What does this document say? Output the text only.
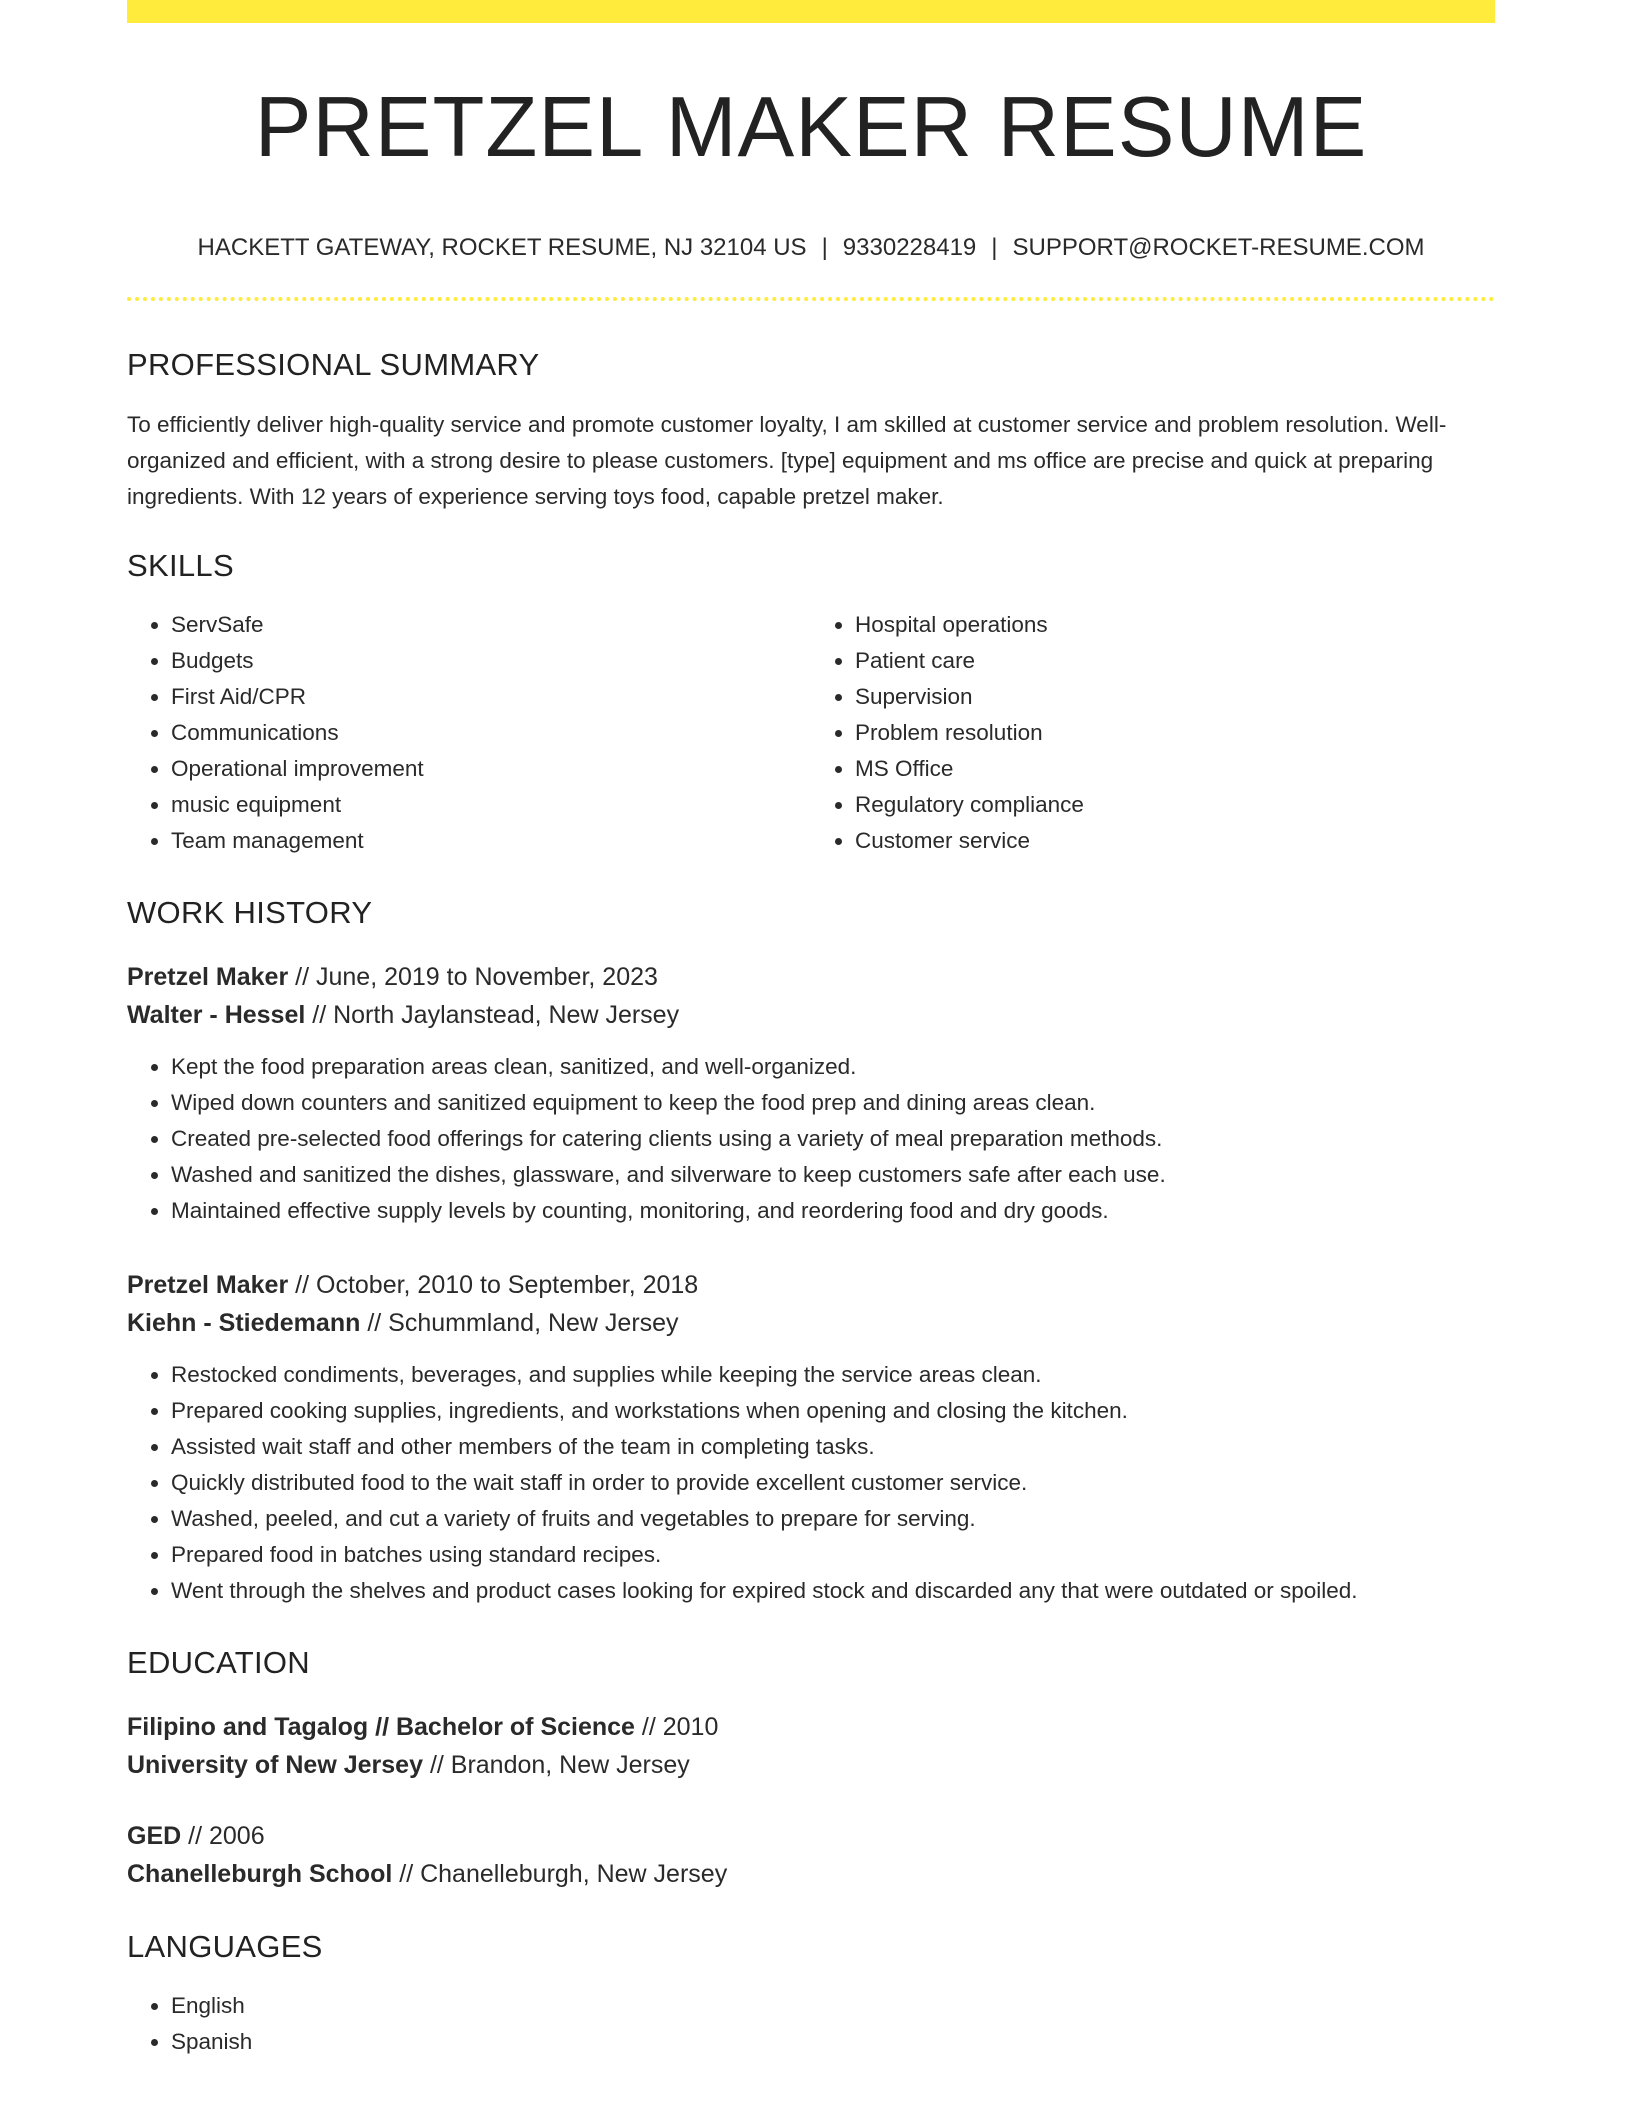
PRETZEL MAKER RESUME
HACKETT GATEWAY, ROCKET RESUME, NJ 32104 US | 9330228419 | SUPPORT@ROCKET-RESUME.COM
PROFESSIONAL SUMMARY

To efficiently deliver high-quality service and promote customer loyalty, I am skilled at customer service and problem resolution. Well-organized and efficient, with a strong desire to please customers. [type] equipment and ms office are precise and quick at preparing ingredients. With 12 years of experience serving toys food, capable pretzel maker.

SKILLS
• ServSafe
• Budgets
• First Aid/CPR
• Communications
• Operational improvement
• music equipment
• Team management
• Hospital operations
• Patient care
• Supervision
• Problem resolution
• MS Office
• Regulatory compliance
• Customer service
WORK HISTORY
Pretzel Maker // June, 2019 to November, 2023
Walter - Hessel // North Jaylanstead, New Jersey
• Kept the food preparation areas clean, sanitized, and well-organized.
• Wiped down counters and sanitized equipment to keep the food prep and dining areas clean.
• Created pre-selected food offerings for catering clients using a variety of meal preparation methods.
• Washed and sanitized the dishes, glassware, and silverware to keep customers safe after each use.
• Maintained effective supply levels by counting, monitoring, and reordering food and dry goods.
Pretzel Maker // October, 2010 to September, 2018
Kiehn - Stiedemann // Schummland, New Jersey
• Restocked condiments, beverages, and supplies while keeping the service areas clean.
• Prepared cooking supplies, ingredients, and workstations when opening and closing the kitchen.
• Assisted wait staff and other members of the team in completing tasks.
• Quickly distributed food to the wait staff in order to provide excellent customer service.
• Washed, peeled, and cut a variety of fruits and vegetables to prepare for serving.
• Prepared food in batches using standard recipes.
• Went through the shelves and product cases looking for expired stock and discarded any that were outdated or spoiled.
EDUCATION
Filipino and Tagalog // Bachelor of Science // 2010
University of New Jersey // Brandon, New Jersey
GED // 2006
Chanelleburgh School // Chanelleburgh, New Jersey
LANGUAGES
• English
• Spanish
